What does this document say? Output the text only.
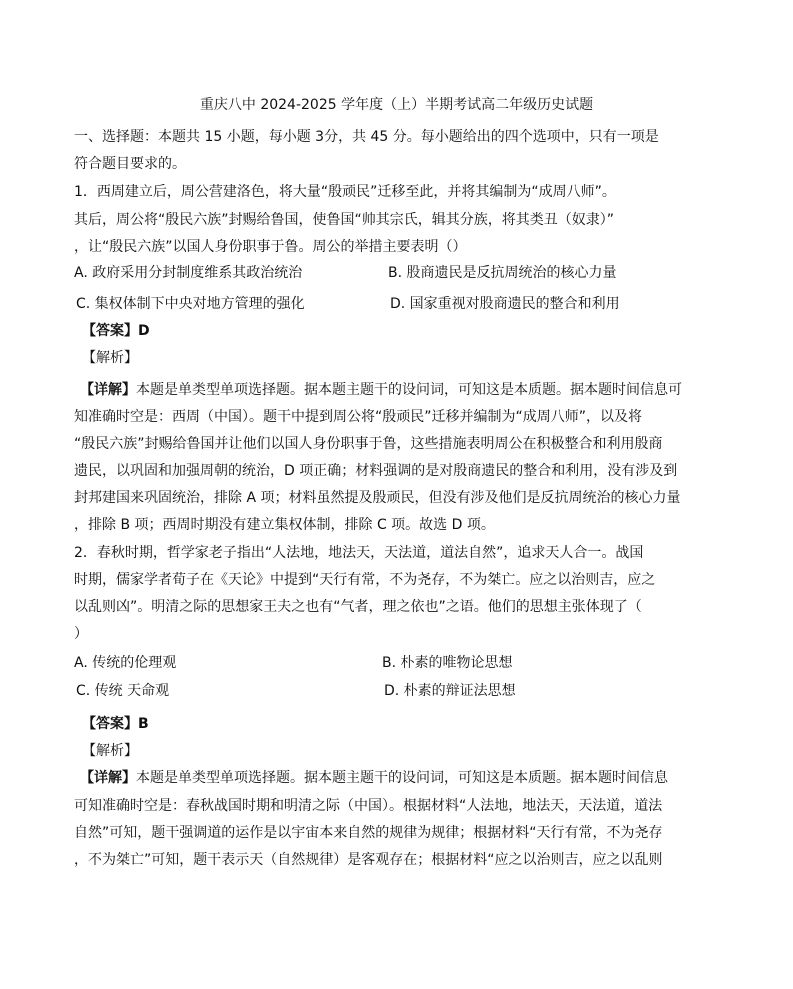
重庆八中 2024-2025 学年度（上）半期考试高二年级历史试题
一、选择题：本题共 15 小题，每小题 3分，共 45 分。每小题给出的四个选项中，只有一项是
符合题目要求的。
1．西周建立后，周公营建洛色，将大量“殷顽民”迁移至此，并将其编制为“成周八师”。
其后，周公将“殷民六族”封赐给鲁国，使鲁国“帅其宗氏，辑其分族，将其类丑（奴隶）”
，让“殷民六族”以国人身份职事于鲁。周公的举措主要表明（）
A. 政府采用分封制度维系其政治统治	B. 股商遗民是反抗周统治的核心力量
C. 集权体制下中央对地方管理的强化	D. 国家重视对股商遗民的整合和利用
【答案】D
【解析】
【详解】本题是单类型单项选择题。据本题主题干的设问词，可知这是本质题。据本题时间信息可
知准确时空是：西周（中国）。题干中提到周公将“殷顽民”迁移并编制为“成周八师”，以及将
“殷民六族”封赐给鲁国并让他们以国人身份职事于鲁，这些措施表明周公在积极整合和利用殷商
遗民，以巩固和加强周朝的统治，D 项正确；材料强调的是对殷商遗民的整合和利用，没有涉及到
封邦建国来巩固统治，排除 A 项；材料虽然提及殷顽民，但没有涉及他们是反抗周统治的核心力量
，排除 B 项；西周时期没有建立集权体制，排除 C 项。故选 D 项。
2．春秋时期，哲学家老子指出“人法地，地法天，天法道，道法自然”，追求天人合一。战国
时期，儒家学者荀子在《天论》中提到“天行有常，不为尧存，不为桀亡。应之以治则吉，应之
以乱则凶”。明清之际的思想家王夫之也有“气者，理之依也”之语。他们的思想主张体现了（
）
A. 传统的伦理观	B. 朴素的唯物论思想
C. 传统 天命观	D. 朴素的辩证法思想
【答案】B
【解析】
【详解】本题是单类型单项选择题。据本题主题干的设问词，可知这是本质题。据本题时间信息
可知准确时空是：春秋战国时期和明清之际（中国）。根据材料“人法地，地法天，天法道，道法
自然”可知，题干强调道的运作是以宇宙本来自然的规律为规律；根据材料“天行有常，不为尧存
，不为桀亡”可知，题干表示天（自然规律）是客观存在；根据材料“应之以治则吉，应之以乱则
